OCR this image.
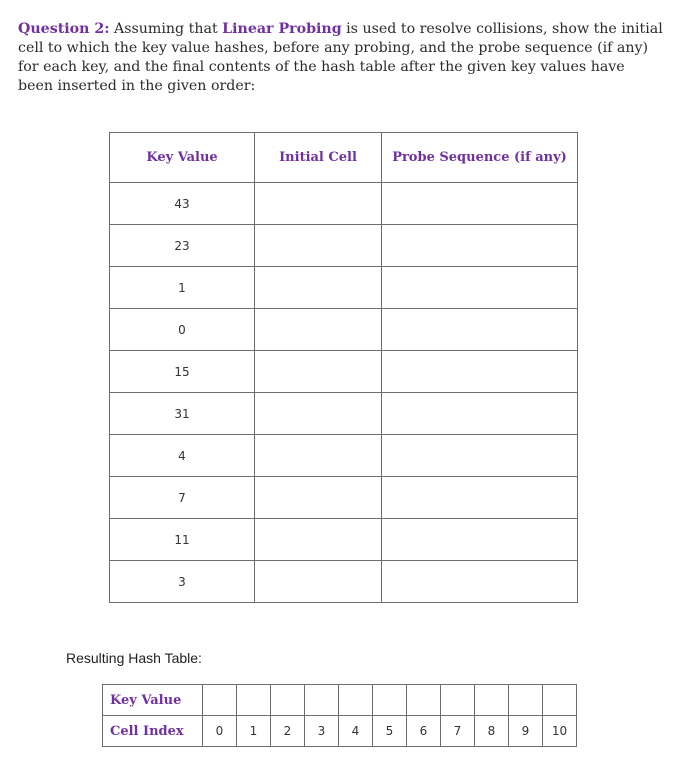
Question 2: Assuming that Linear Probing is used to resolve collisions, show the initial cell to which the key value hashes, before any probing, and the probe sequence (if any) for each key, and the final contents of the hash table after the given key values have been inserted in the given order:
Key Value	Initial Cell	Probe Sequence (if any)
43		
23		
1		
0		
15		
31		
4		
7		
11		
3		
Resulting Hash Table:
Key Value											
Cell Index	0	1	2	3	4	5	6	7	8	9	10
